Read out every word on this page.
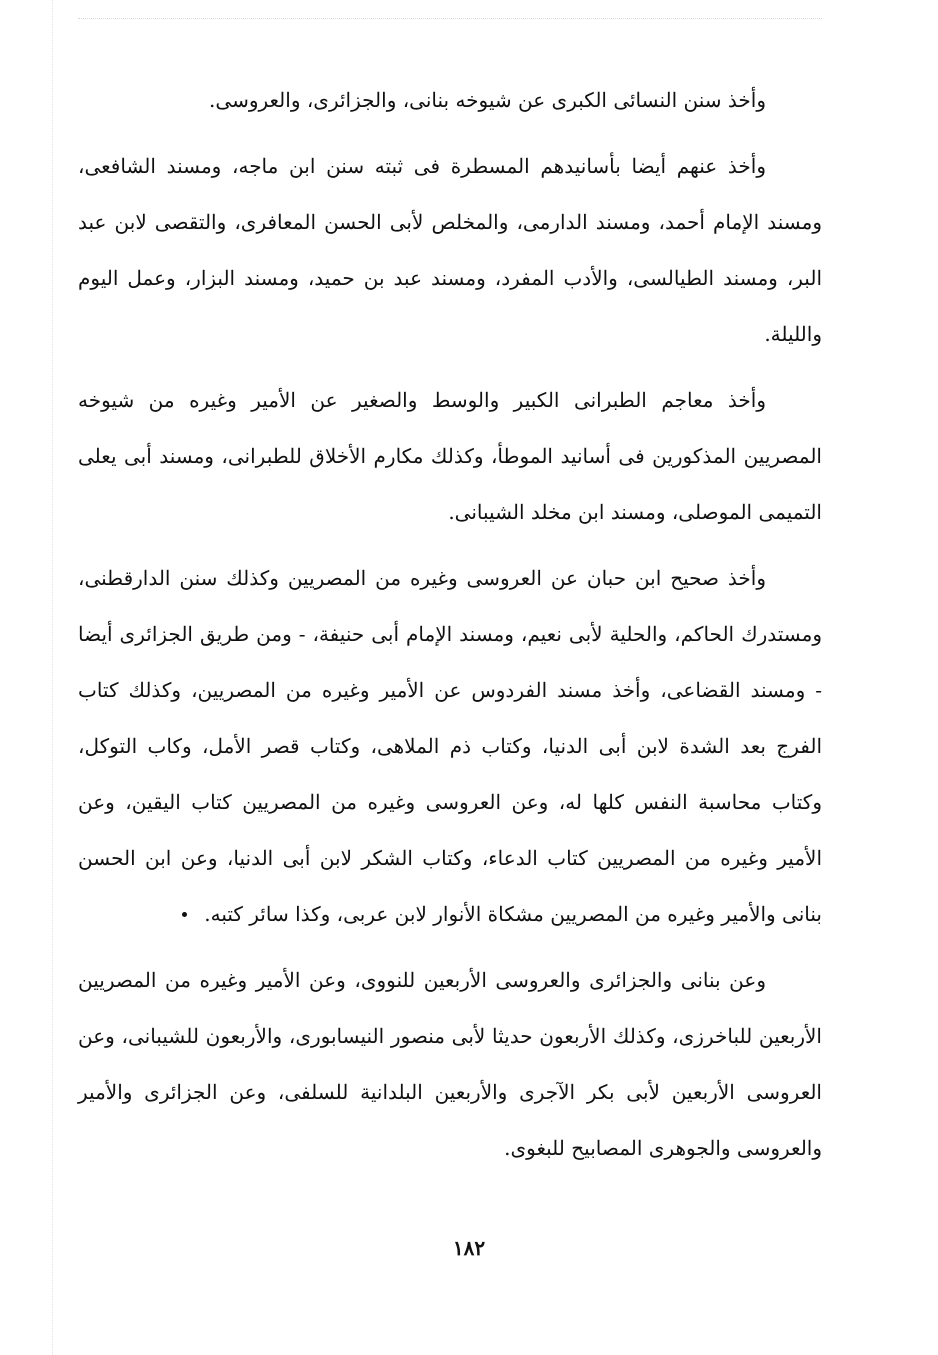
وأخذ سنن النسائى الكبرى عن شيوخه بنانى، والجزائرى، والعروسى.

وأخذ عنهم أيضا بأسانيدهم المسطرة فى ثبته سنن ابن ماجه، ومسند الشافعى، ومسند الإمام أحمد، ومسند الدارمى، والمخلص لأبى الحسن المعافرى، والتقصى لابن عبد البر، ومسند الطيالسى، والأدب المفرد، ومسند عبد بن حميد، ومسند البزار، وعمل اليوم والليلة.

وأخذ معاجم الطبرانى الكبير والوسط والصغير عن الأمير وغيره من شيوخه المصريين المذكورين فى أسانيد الموطأ، وكذلك مكارم الأخلاق للطبرانى، ومسند أبى يعلى التميمى الموصلى، ومسند ابن مخلد الشيبانى.

وأخذ صحيح ابن حبان عن العروسى وغيره من المصريين وكذلك سنن الدارقطنى، ومستدرك الحاكم، والحلية لأبى نعيم، ومسند الإمام أبى حنيفة، - ومن طريق الجزائرى أيضا - ومسند القضاعى، وأخذ مسند الفردوس عن الأمير وغيره من المصريين، وكذلك كتاب الفرج بعد الشدة لابن أبى الدنيا، وكتاب ذم الملاهى، وكتاب قصر الأمل، وكاب التوكل، وكتاب محاسبة النفس كلها له، وعن العروسى وغيره من المصريين كتاب اليقين، وعن الأمير وغيره من المصريين كتاب الدعاء، وكتاب الشكر لابن أبى الدنيا، وعن ابن الحسن بنانى والأمير وغيره من المصريين مشكاة الأنوار لابن عربى، وكذا سائر كتبه.

وعن بنانى والجزائرى والعروسى الأربعين للنووى، وعن الأمير وغيره من المصريين الأربعين للباخرزى، وكذلك الأربعون حديثا لأبى منصور النيسابورى، والأربعون للشيبانى، وعن العروسى الأربعين لأبى بكر الآجرى والأربعين البلدانية للسلفى، وعن الجزائرى والأمير والعروسى والجوهرى المصابيح للبغوى.

١٨٢
